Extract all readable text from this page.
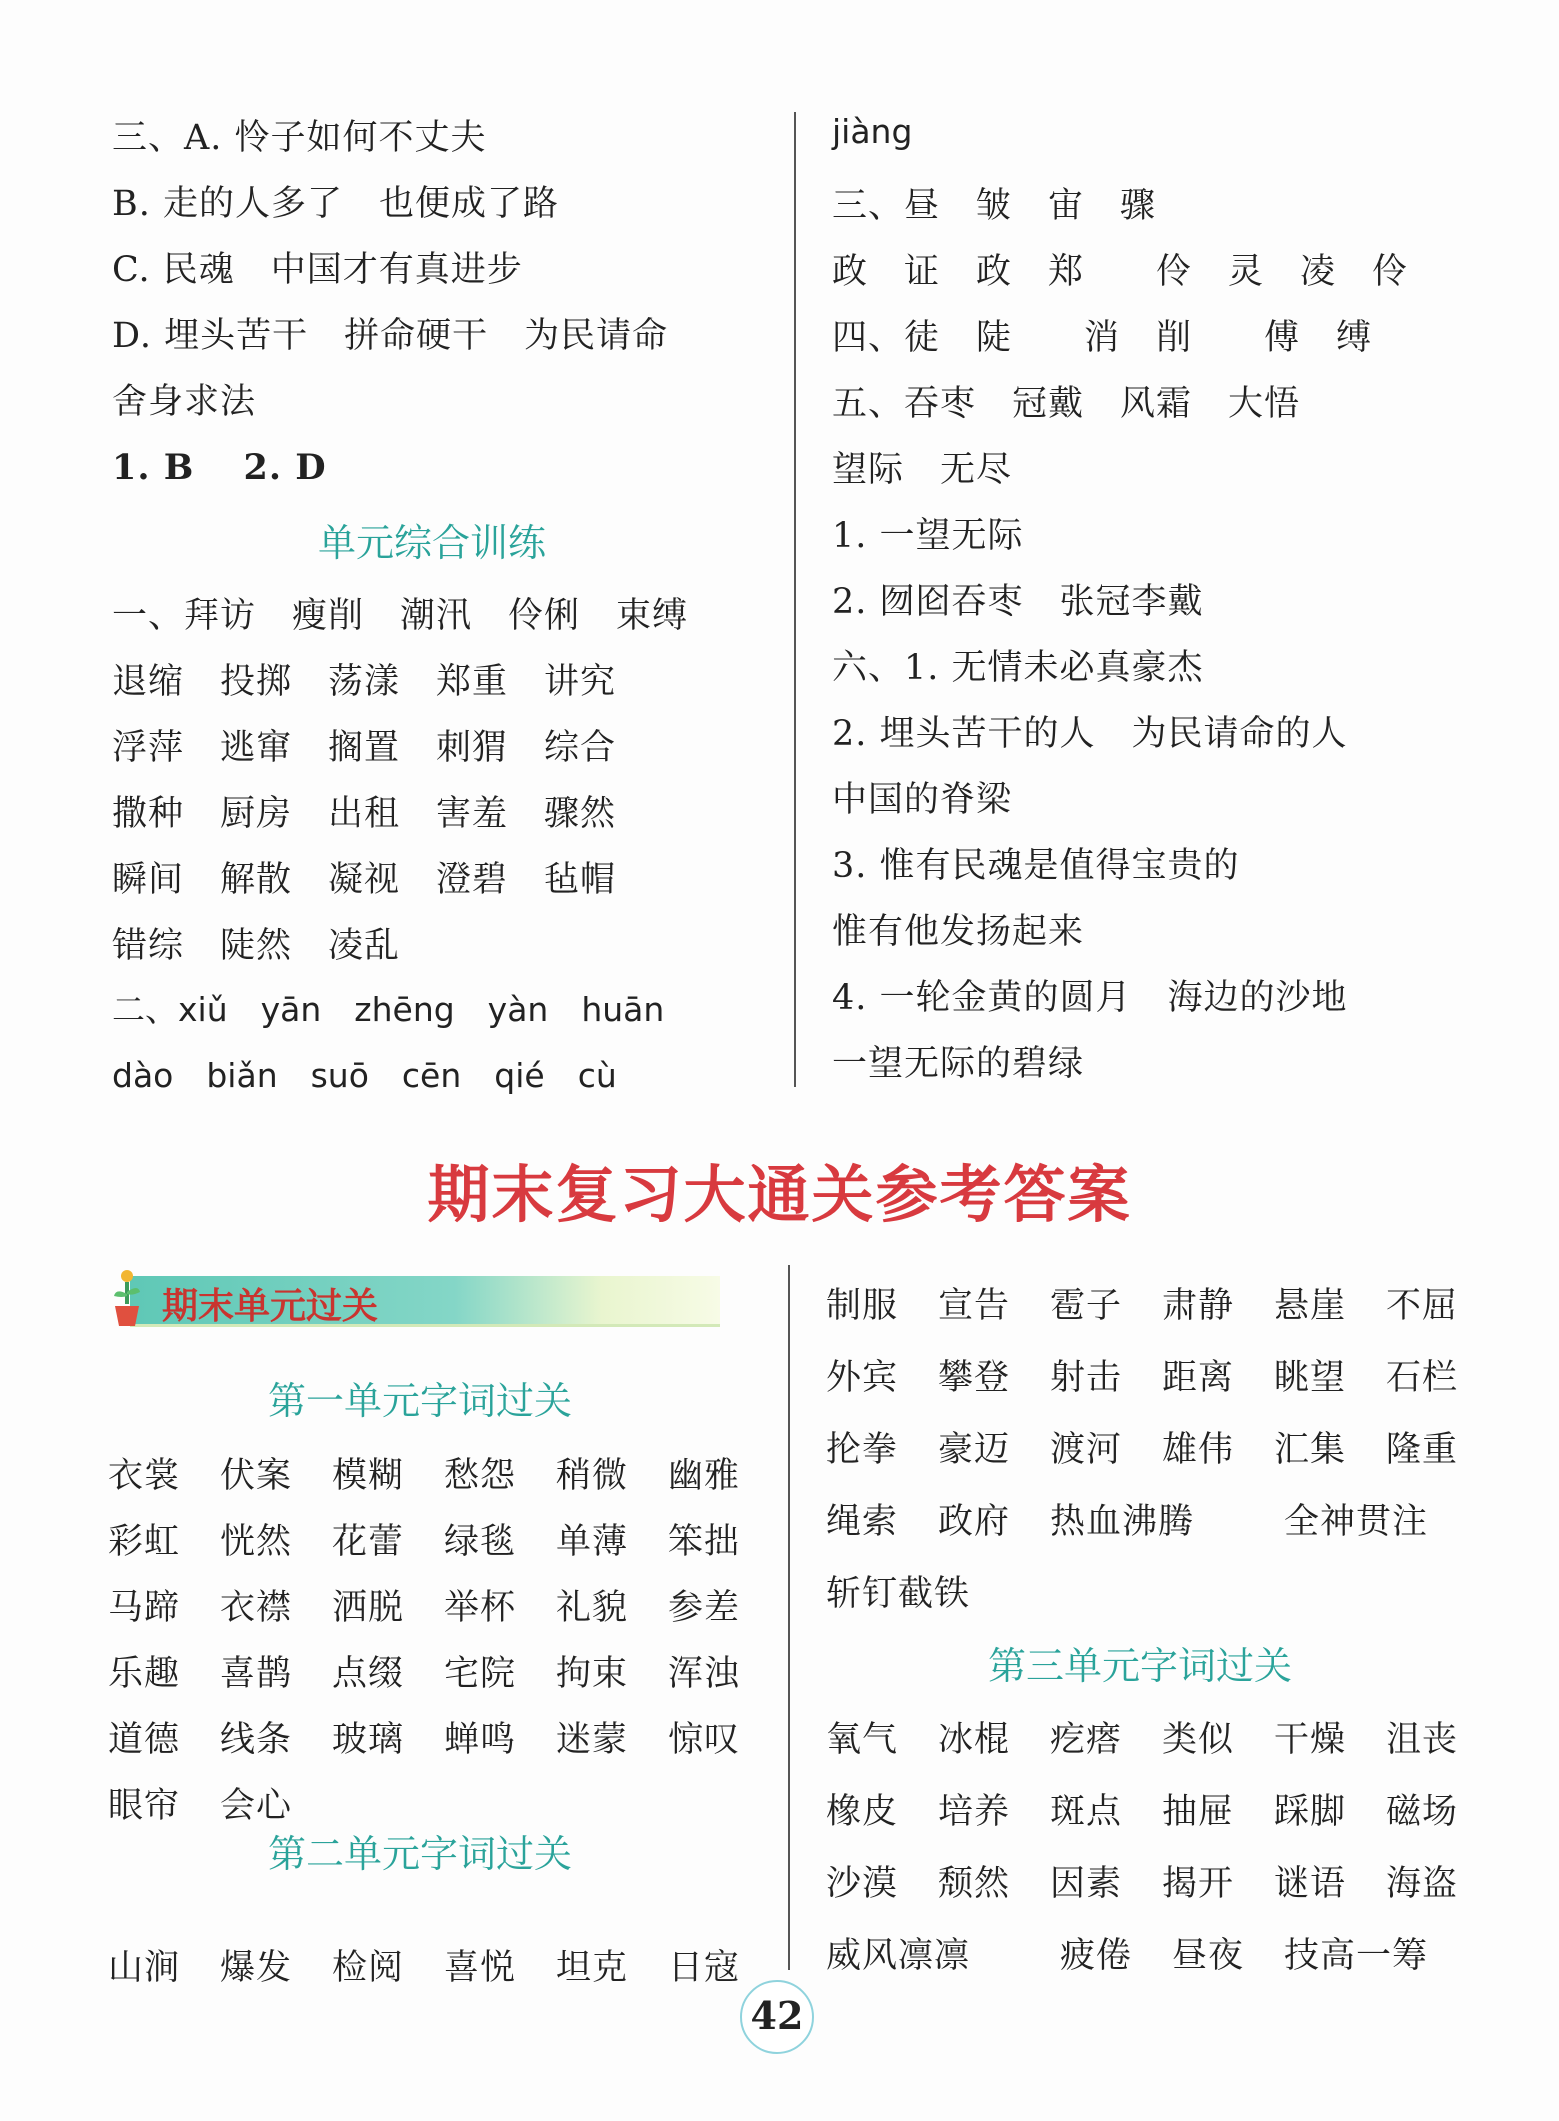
三、A. 怜子如何不丈夫
B. 走的人多了　也便成了路
C. 民魂　中国才有真进步
D. 埋头苦干　拼命硬干　为民请命
舍身求法
1. B　 2. D
单元综合训练
一、拜访　瘦削　潮汛　伶俐　束缚
退缩　投掷　荡漾　郑重　讲究
浮萍　逃窜　搁置　刺猬　综合
撒种　厨房　出租　害羞　骤然
瞬间　解散　凝视　澄碧　毡帽
错综　陡然　凌乱
二、xiǔ　yān　zhēng　yàn　huān
dào　biǎn　suō　cēn　qié　cù
jiàng
三、昼　皱　宙　骤
政　证　政　郑　　伶　灵　凌　伶
四、徒　陡　　消　削　　傅　缚
五、吞枣　冠戴　风霜　大悟
望际　无尽
1. 一望无际
2. 囫囵吞枣　张冠李戴
六、1. 无情未必真豪杰
2. 埋头苦干的人　为民请命的人
中国的脊梁
3. 惟有民魂是值得宝贵的
惟有他发扬起来
4. 一轮金黄的圆月　海边的沙地
一望无际的碧绿
期末复习大通关参考答案
期末单元过关
第一单元字词过关
衣裳 伏案 模糊 愁怨 稍微 幽雅
彩虹 恍然 花蕾 绿毯 单薄 笨拙
马蹄 衣襟 洒脱 举杯 礼貌 参差
乐趣 喜鹊 点缀 宅院 拘束 浑浊
道德 线条 玻璃 蝉鸣 迷蒙 惊叹
眼帘 会心
第二单元字词过关
山涧 爆发 检阅 喜悦 坦克 日寇
制服 宣告 雹子 肃静 悬崖 不屈
外宾 攀登 射击 距离 眺望 石栏
抡拳 豪迈 渡河 雄伟 汇集 隆重
绳索 政府 热血沸腾	全神贯注
斩钉截铁
第三单元字词过关
氧气 冰棍 疙瘩 类似 干燥 沮丧
橡皮 培养 斑点 抽屉 踩脚 磁场
沙漠 颓然 因素 揭开 谜语 海盗
威风凛凛	疲倦 昼夜 技高一筹
42
